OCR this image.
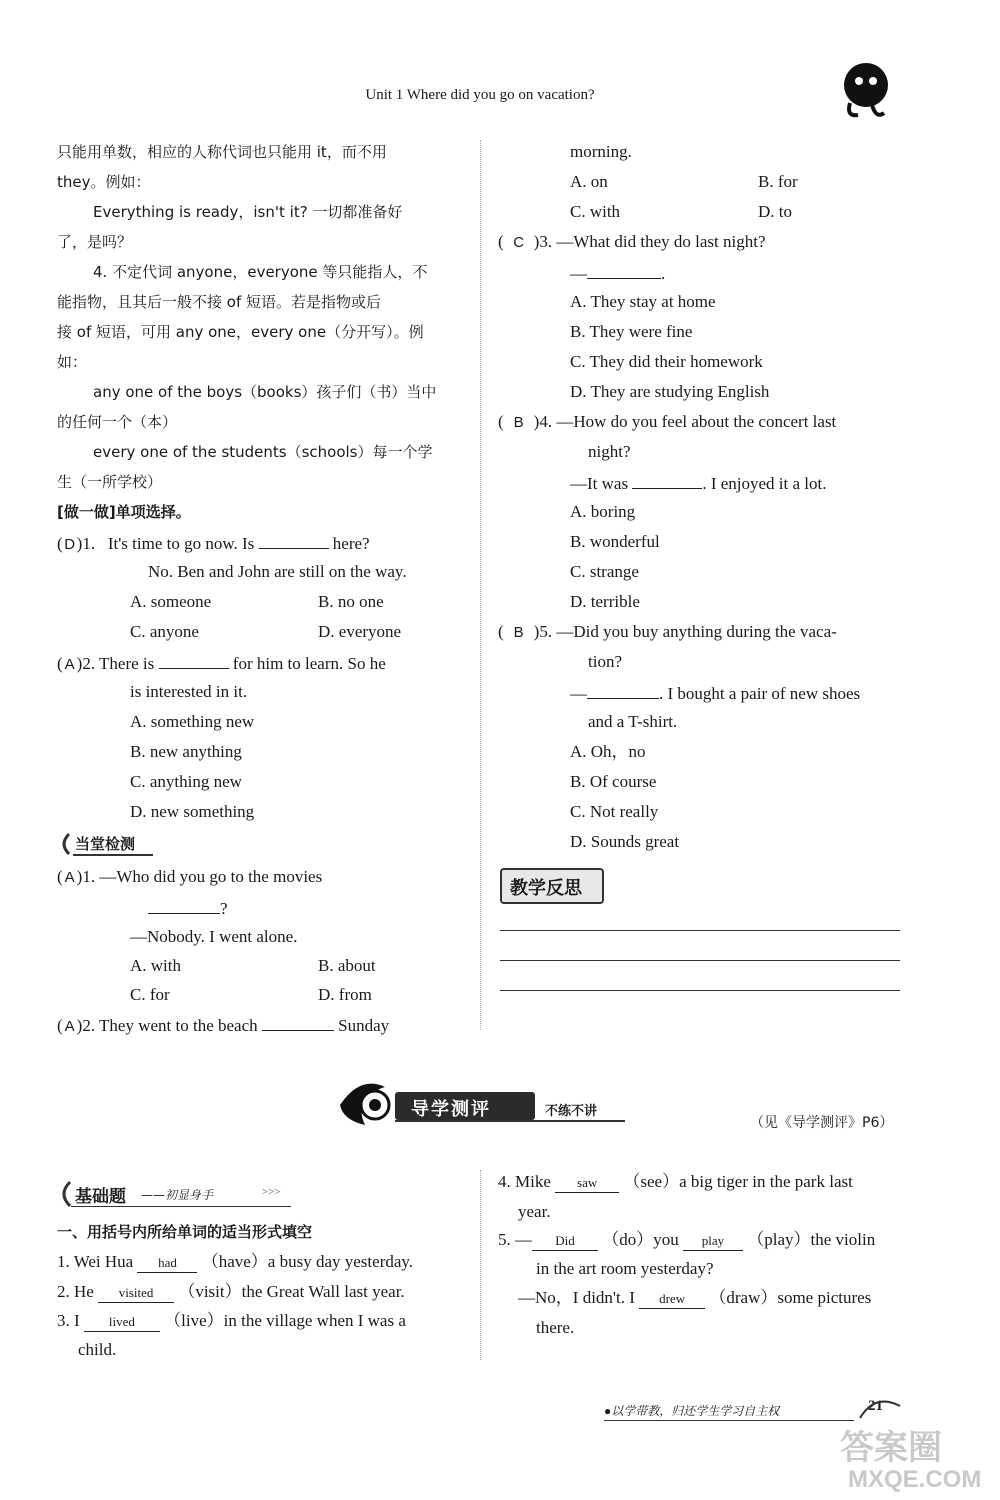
Unit 1 Where did you go on vacation?
只能用单数，相应的人称代词也只能用 it，而不用
they。例如：
Everything is ready，isn't it? 一切都准备好
了，是吗？
4. 不定代词 anyone，everyone 等只能指人，不
能指物，且其后一般不接 of 短语。若是指物或后
接 of 短语，可用 any one，every one（分开写）。例
如：
any one of the boys（books）孩子们（书）当中
的任何一个（本）
every one of the students（schools）每一个学
生（一所学校）
[做一做]单项选择。
( D)1. It's time to go now. Is	here?
No. Ben and John are still on the way.
A. someone	B. no one
C. anyone	D. everyone
( A )2. There is	for him to learn. So he
is interested in it.
A. something new
B. new anything
C. anything new
D. new something
当堂检测
( A )1. —Who did you go to the movies
?
—Nobody. I went alone.
A. with	B. about
C. for	D. from
( A )2. They went to the beach	Sunday
morning.
A. on	B. for
C. with	D. to
( C )3. —What did they do last night?
—	.
A. They stay at home
B. They were fine
C. They did their homework
D. They are studying English
( B )4. —How do you feel about the concert last
night?
—It was	. I enjoyed it a lot.
A. boring
B. wonderful
C. strange
D. terrible
( B )5. —Did you buy anything during the vaca-
tion?
—	. I bought a pair of new shoes
and a T-shirt.
A. Oh，no
B. Of course
C. Not really
D. Sounds great
教学反思
导学测评	不练不讲
（见《导学测评》P6）
基础题 ——初显身手	>>>
一、用括号内所给单词的适当形式填空
1. Wei Hua had （have）a busy day yesterday.
2. He visited （visit）the Great Wall last year.
3. I lived （live）in the village when I was a
child.
4. Mike saw （see）a big tiger in the park last
year.
5. — Did （do）you play （play）the violin
in the art room yesterday?
—No，I didn't. I drew （draw）some pictures
there.
●以学带教，归还学生学习自主权	21
答案圈
MXQE.COM
